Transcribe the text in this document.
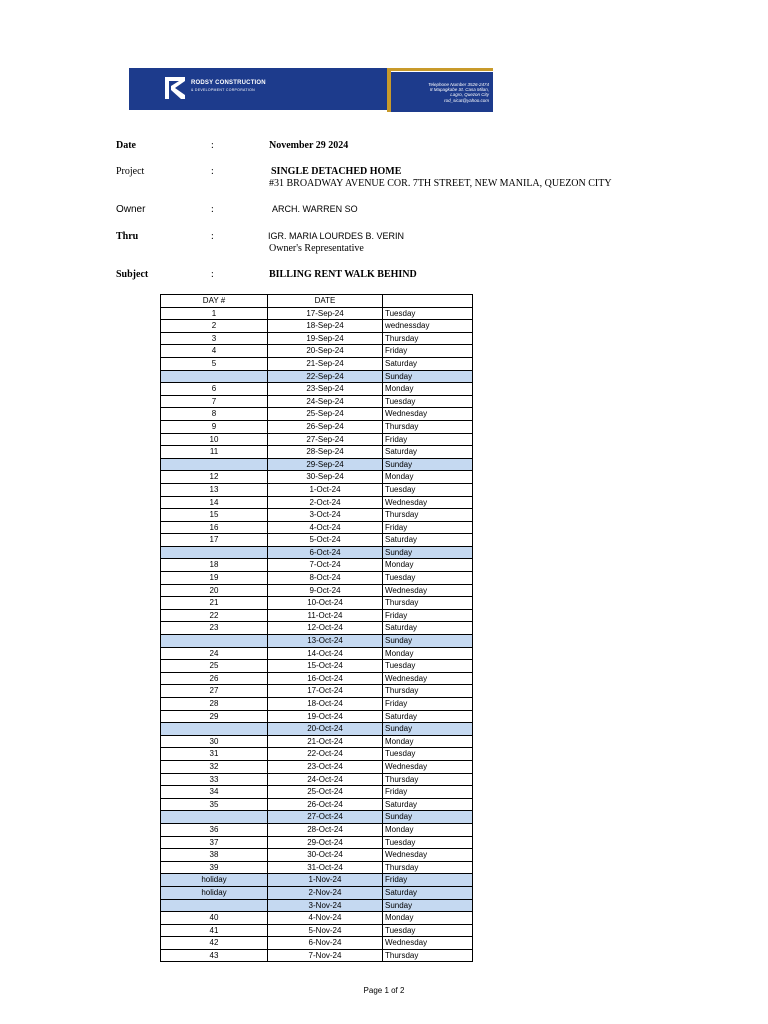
RODSY CONSTRUCTION
& DEVELOPMENT CORPORATION
Telephone Number 3526-2474
8 Mapagkabe St. Casa Milan,
Lagro, Quezon City
rod_sicat@yahoo.com
Date	:	November 29 2024
Project	:	SINGLE DETACHED HOME
#31 BROADWAY AVENUE COR. 7TH STREET, NEW MANILA, QUEZON CITY
Owner	:	ARCH. WARREN SO
Thru	:	IGR. MARIA LOURDES B. VERIN
Owner's Representative
Subject	:	BILLING RENT WALK BEHIND
DAY #	DATE	
1	17-Sep-24	Tuesday
2	18-Sep-24	wednessday
3	19-Sep-24	Thursday
4	20-Sep-24	Friday
5	21-Sep-24	Saturday
	22-Sep-24	Sunday
6	23-Sep-24	Monday
7	24-Sep-24	Tuesday
8	25-Sep-24	Wednesday
9	26-Sep-24	Thursday
10	27-Sep-24	Friday
11	28-Sep-24	Saturday
	29-Sep-24	Sunday
12	30-Sep-24	Monday
13	1-Oct-24	Tuesday
14	2-Oct-24	Wednesday
15	3-Oct-24	Thursday
16	4-Oct-24	Friday
17	5-Oct-24	Saturday
	6-Oct-24	Sunday
18	7-Oct-24	Monday
19	8-Oct-24	Tuesday
20	9-Oct-24	Wednesday
21	10-Oct-24	Thursday
22	11-Oct-24	Friday
23	12-Oct-24	Saturday
	13-Oct-24	Sunday
24	14-Oct-24	Monday
25	15-Oct-24	Tuesday
26	16-Oct-24	Wednesday
27	17-Oct-24	Thursday
28	18-Oct-24	Friday
29	19-Oct-24	Saturday
	20-Oct-24	Sunday
30	21-Oct-24	Monday
31	22-Oct-24	Tuesday
32	23-Oct-24	Wednesday
33	24-Oct-24	Thursday
34	25-Oct-24	Friday
35	26-Oct-24	Saturday
	27-Oct-24	Sunday
36	28-Oct-24	Monday
37	29-Oct-24	Tuesday
38	30-Oct-24	Wednesday
39	31-Oct-24	Thursday
holiday	1-Nov-24	Friday
holiday	2-Nov-24	Saturday
	3-Nov-24	Sunday
40	4-Nov-24	Monday
41	5-Nov-24	Tuesday
42	6-Nov-24	Wednesday
43	7-Nov-24	Thursday
Page 1 of 2
